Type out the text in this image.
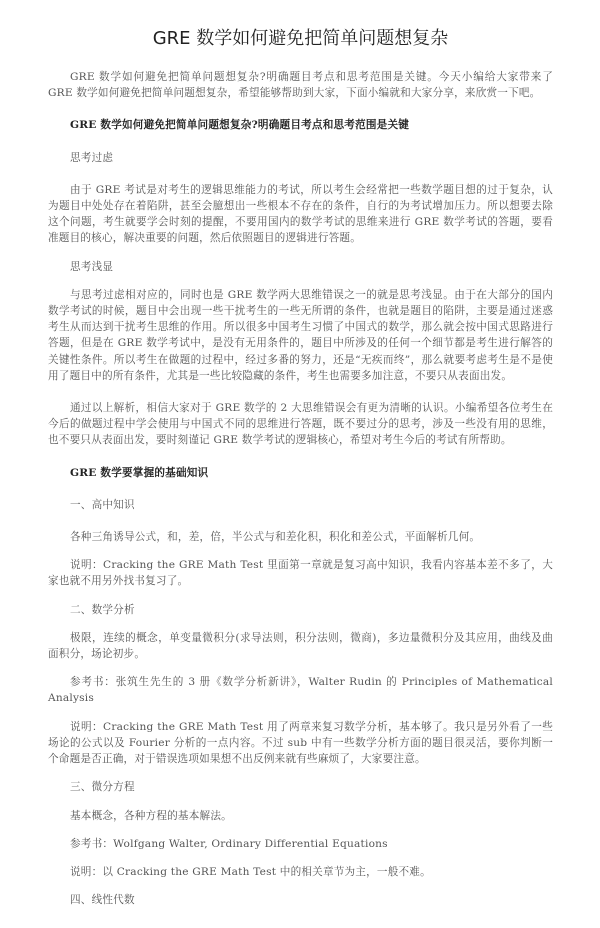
GRE 数学如何避免把简单问题想复杂

GRE 数学如何避免把简单问题想复杂?明确题目考点和思考范围是关键。今天小编给大家带来了 GRE 数学如何避免把简单问题想复杂，希望能够帮助到大家，下面小编就和大家分享，来欣赏一下吧。

GRE 数学如何避免把简单问题想复杂?明确题目考点和思考范围是关键

思考过虑

由于 GRE 考试是对考生的逻辑思维能力的考试，所以考生会经常把一些数学题目想的过于复杂，认为题目中处处存在着陷阱，甚至会臆想出一些根本不存在的条件，自行的为考试增加压力。所以想要去除这个问题，考生就要学会时刻的提醒，不要用国内的数学考试的思维来进行 GRE 数学考试的答题，要看准题目的核心，解决重要的问题，然后依照题目的逻辑进行答题。

思考浅显

与思考过虑相对应的，同时也是 GRE 数学两大思维错误之一的就是思考浅显。由于在大部分的国内数学考试的时候，题目中会出现一些干扰考生的一些无所谓的条件，也就是题目的陷阱，主要是通过迷惑考生从而达到干扰考生思维的作用。所以很多中国考生习惯了中国式的数学，那么就会按中国式思路进行答题，但是在 GRE 数学考试中，是没有无用条件的，题目中所涉及的任何一个细节都是考生进行解答的关键性条件。所以考生在做题的过程中，经过多番的努力，还是“无疾而终”，那么就要考虑考生是不是使用了题目中的所有条件，尤其是一些比较隐藏的条件，考生也需要多加注意，不要只从表面出发。

通过以上解析，相信大家对于 GRE 数学的 2 大思维错误会有更为清晰的认识。小编希望各位考生在今后的做题过程中学会使用与中国式不同的思维进行答题，既不要过分的思考，涉及一些没有用的思维，也不要只从表面出发，要时刻谨记 GRE 数学考试的逻辑核心，希望对考生今后的考试有所帮助。

GRE 数学要掌握的基础知识

一、高中知识

各种三角诱导公式，和，差，倍，半公式与和差化积，积化和差公式，平面解析几何。

说明：Cracking the GRE Math Test 里面第一章就是复习高中知识，我看内容基本差不多了，大家也就不用另外找书复习了。

二、数学分析

极限，连续的概念，单变量微积分(求导法则，积分法则，微商)，多边量微积分及其应用，曲线及曲面积分，场论初步。

参考书：张筑生先生的 3 册《数学分析新讲》，Walter Rudin 的 Principles of Mathematical Analysis

说明：Cracking the GRE Math Test 用了两章来复习数学分析，基本够了。我只是另外看了一些场论的公式以及 Fourier 分析的一点内容。不过 sub 中有一些数学分析方面的题目很灵活，要你判断一个命题是否正确，对于错误选项如果想不出反例来就有些麻烦了，大家要注意。

三、微分方程

基本概念，各种方程的基本解法。

参考书：Wolfgang Walter, Ordinary Differential Equations

说明：以 Cracking the GRE Math Test 中的相关章节为主，一般不难。

四、线性代数
